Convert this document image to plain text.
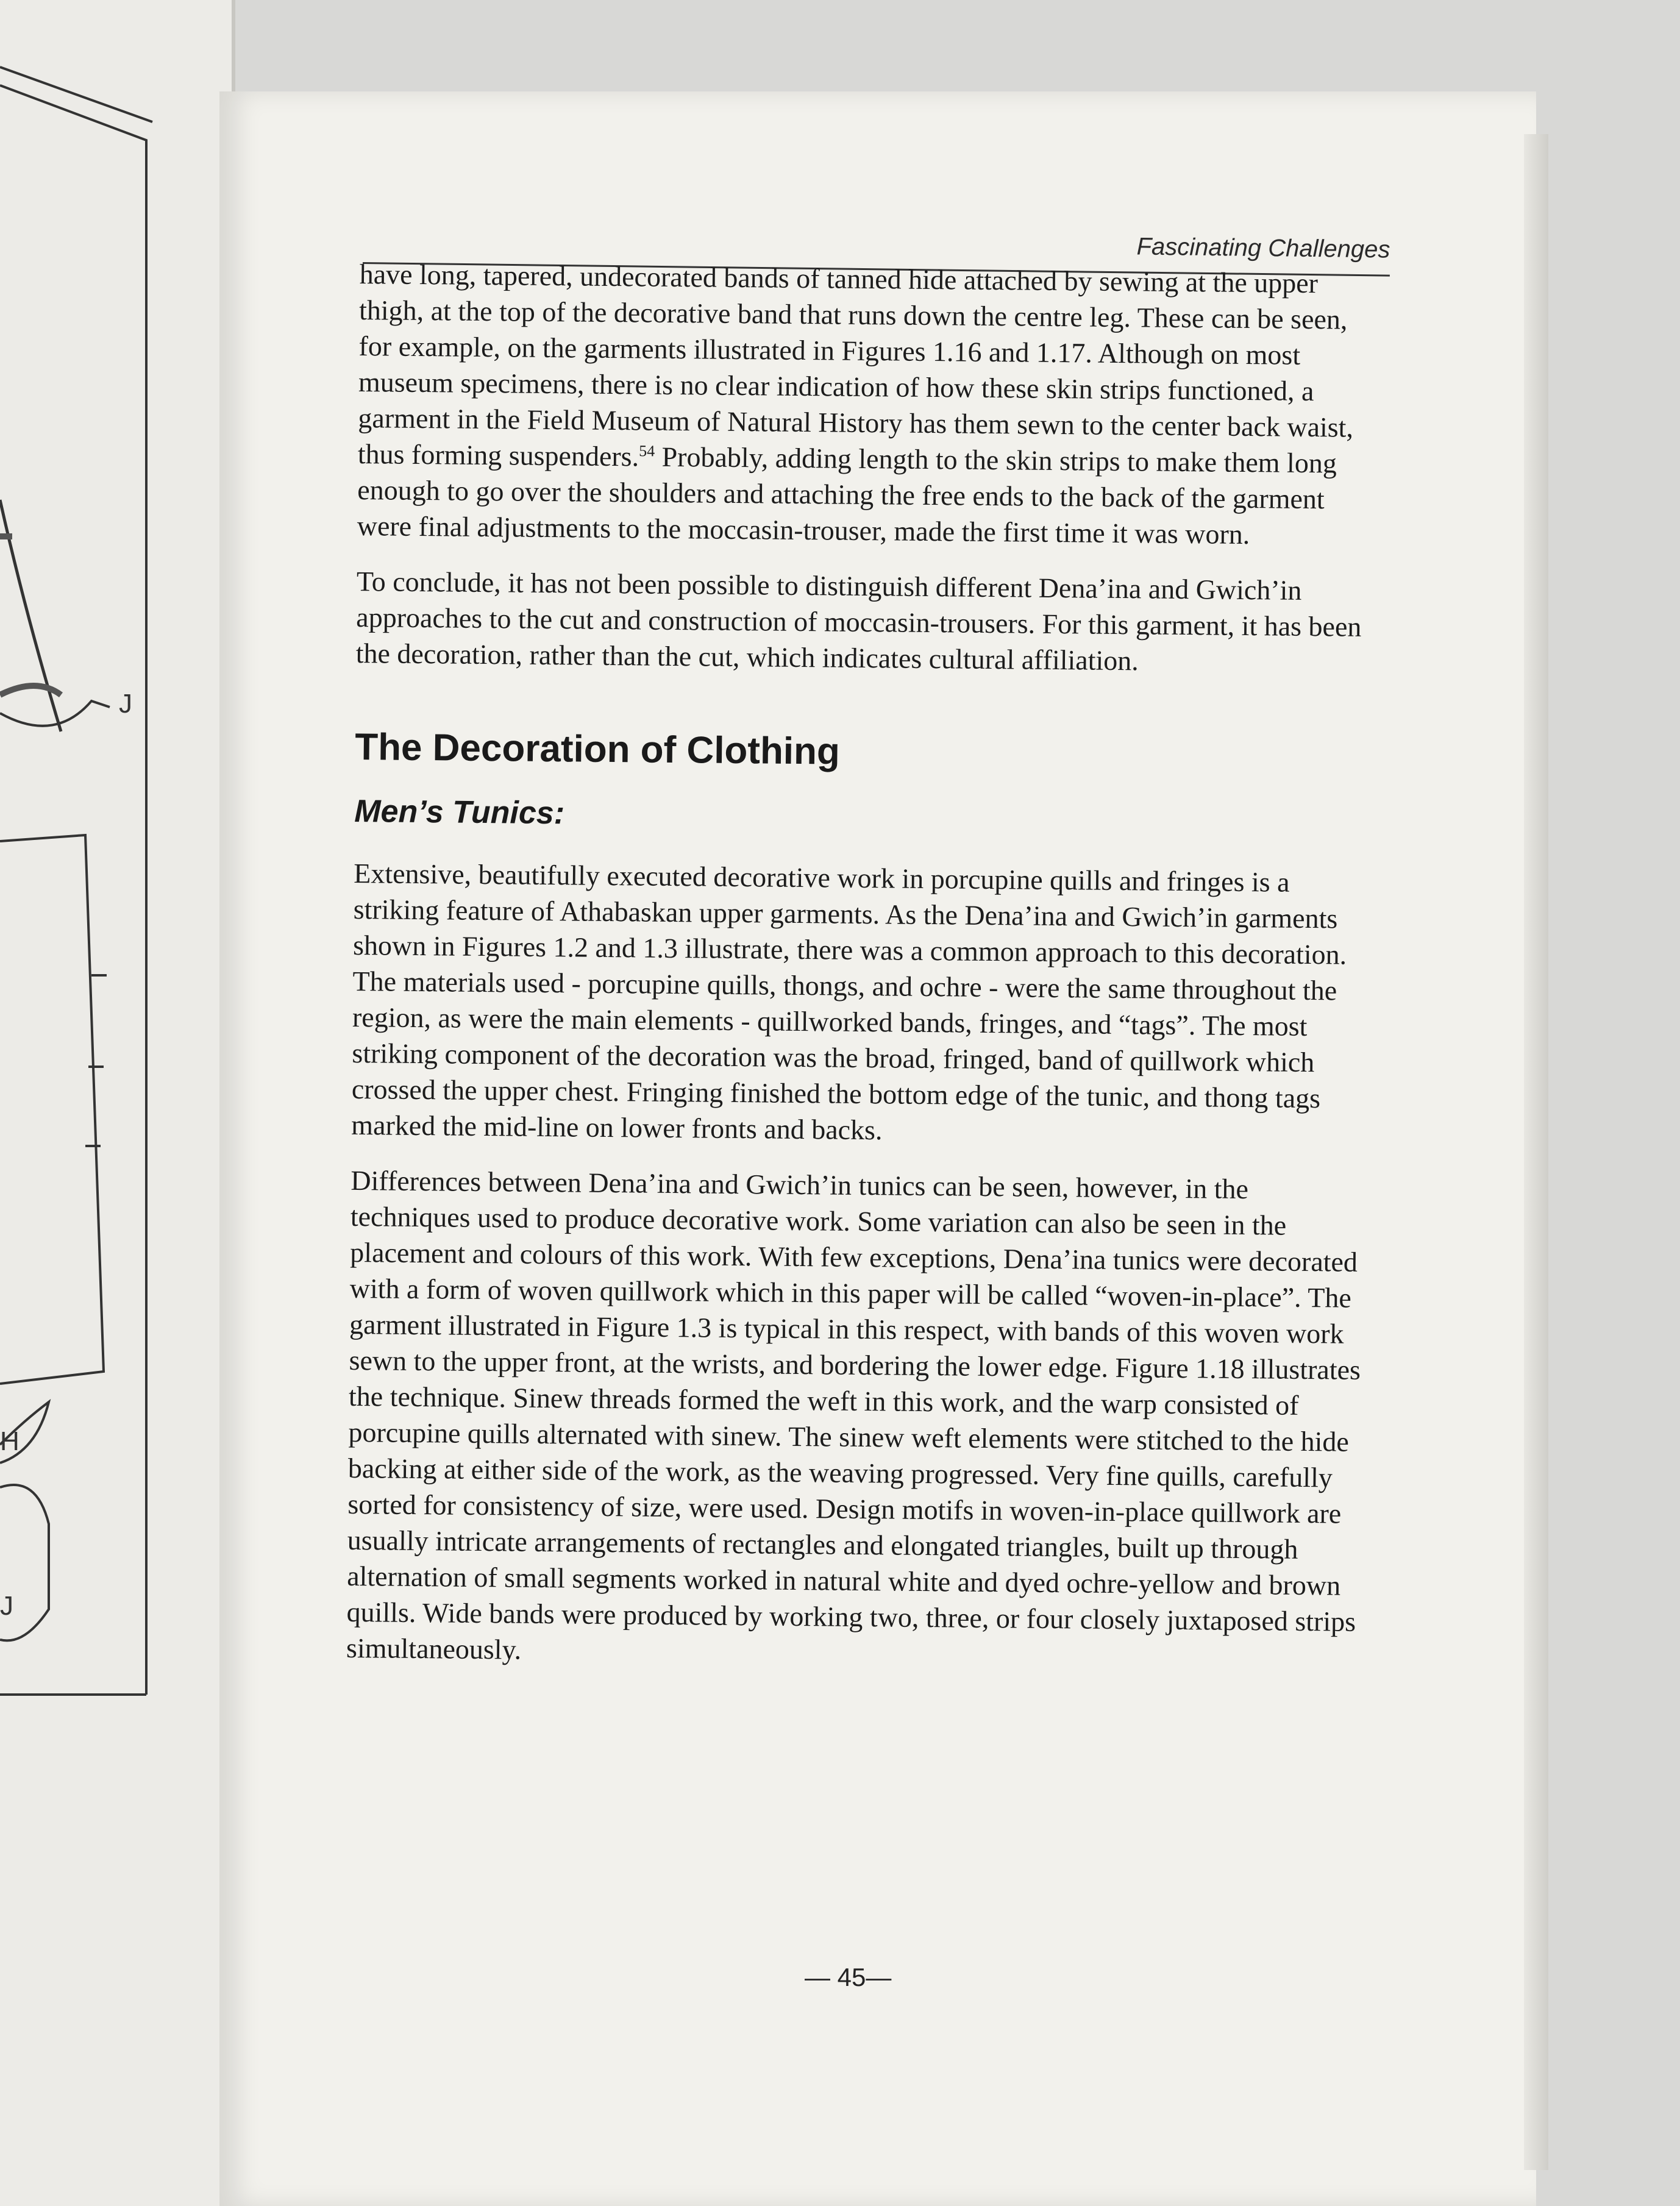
J
H
J
Fascinating Challenges

have long, tapered, undecorated bands of tanned hide attached by sewing at the upper thigh, at the top of the decorative band that runs down the centre leg. These can be seen, for example, on the garments illustrated in Figures 1.16 and 1.17. Although on most museum specimens, there is no clear indication of how these skin strips functioned, a garment in the Field Museum of Natural History has them sewn to the center back waist, thus forming suspenders.$^{54}$ Probably, adding length to the skin strips to make them long enough to go over the shoulders and attaching the free ends to the back of the garment were final adjustments to the moccasin-trouser, made the first time it was worn.

To conclude, it has not been possible to distinguish different Dena’ina and Gwich’in approaches to the cut and construction of moccasin-trousers. For this garment, it has been the decoration, rather than the cut, which indicates cultural affiliation.

The Decoration of Clothing
Men’s Tunics:

Extensive, beautifully executed decorative work in porcupine quills and fringes is a striking feature of Athabaskan upper garments. As the Dena’ina and Gwich’in garments shown in Figures 1.2 and 1.3 illustrate, there was a common approach to this decoration. The materials used - porcupine quills, thongs, and ochre - were the same throughout the region, as were the main elements - quillworked bands, fringes, and “tags”. The most striking component of the decoration was the broad, fringed, band of quillwork which crossed the upper chest. Fringing finished the bottom edge of the tunic, and thong tags marked the mid-line on lower fronts and backs.

Differences between Dena’ina and Gwich’in tunics can be seen, however, in the techniques used to produce decorative work. Some variation can also be seen in the placement and colours of this work. With few exceptions, Dena’ina tunics were decorated with a form of woven quillwork which in this paper will be called “woven-in-place”. The garment illustrated in Figure 1.3 is typical in this respect, with bands of this woven work sewn to the upper front, at the wrists, and bordering the lower edge. Figure 1.18 illustrates the technique. Sinew threads formed the weft in this work, and the warp consisted of porcupine quills alternated with sinew. The sinew weft elements were stitched to the hide backing at either side of the work, as the weaving progressed. Very fine quills, carefully sorted for consistency of size, were used. Design motifs in woven-in-place quillwork are usually intricate arrangements of rectangles and elongated triangles, built up through alternation of small segments worked in natural white and dyed ochre-yellow and brown quills. Wide bands were produced by working two, three, or four closely juxtaposed strips simultaneously.

— 45—
